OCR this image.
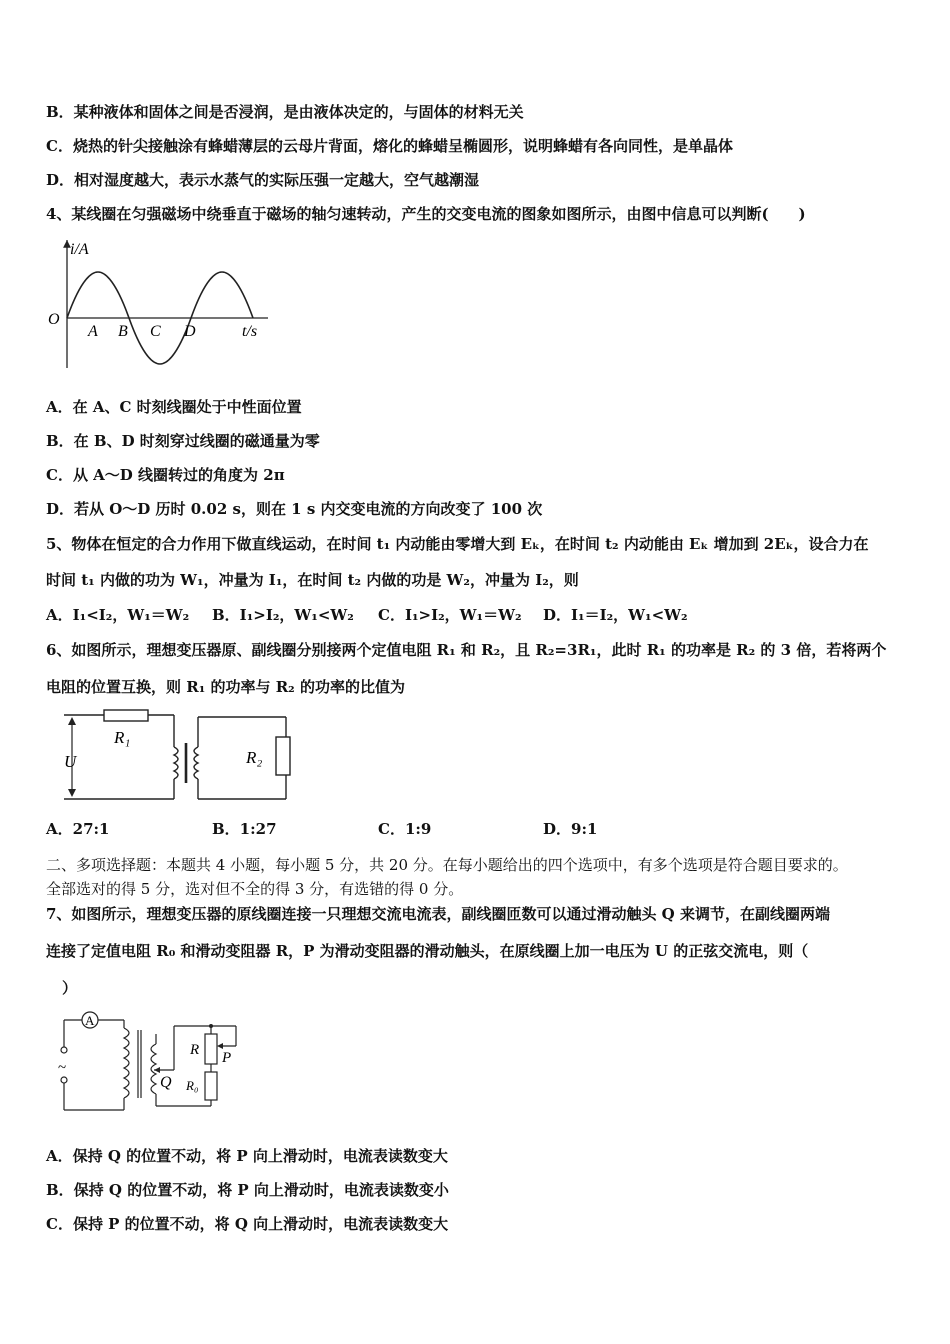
B．某种液体和固体之间是否浸润，是由液体决定的，与固体的材料无关
C．烧热的针尖接触涂有蜂蜡薄层的云母片背面，熔化的蜂蜡呈椭圆形，说明蜂蜡有各向同性，是单晶体
D．相对湿度越大，表示水蒸气的实际压强一定越大，空气越潮湿
4、某线圈在匀强磁场中绕垂直于磁场的轴匀速转动，产生的交变电流的图象如图所示，由图中信息可以判断(　　)
i/A
O
A B C D	t/s
A．在 A、C 时刻线圈处于中性面位置
B．在 B、D 时刻穿过线圈的磁通量为零
C．从 A～D 线圈转过的角度为 2π
D．若从 O～D 历时 0.02 s，则在 1 s 内交变电流的方向改变了 100 次
5、物体在恒定的合力作用下做直线运动，在时间 t₁ 内动能由零增大到 Eₖ，在时间 t₂ 内动能由 Eₖ 增加到 2Eₖ，设合力在
时间 t₁ 内做的功为 W₁，冲量为 I₁，在时间 t₂ 内做的功是 W₂，冲量为 I₂，则
A．I₁<I₂，W₁＝W₂ B．I₁>I₂，W₁<W₂ C．I₁>I₂，W₁＝W₂ D．I₁＝I₂，W₁<W₂
6、如图所示，理想变压器原、副线圈分别接两个定值电阻 R₁ 和 R₂，且 R₂=3R₁，此时 R₁ 的功率是 R₂ 的 3 倍，若将两个
电阻的位置互换，则 R₁ 的功率与 R₂ 的功率的比值为
U
R₁
R₂
A．27:1	B．1:27	C．1:9	D．9:1
二、多项选择题：本题共 4 小题，每小题 5 分，共 20 分。在每小题给出的四个选项中，有多个选项是符合题目要求的。
全部选对的得 5 分，选对但不全的得 3 分，有选错的得 0 分。
7、如图所示，理想变压器的原线圈连接一只理想交流电流表，副线圈匝数可以通过滑动触头 Q 来调节，在副线圈两端
连接了定值电阻 R₀ 和滑动变阻器 R，P 为滑动变阻器的滑动触头，在原线圈上加一电压为 U 的正弦交流电，则（
）
~
A
Q
R
R₀
P
A．保持 Q 的位置不动，将 P 向上滑动时，电流表读数变大
B．保持 Q 的位置不动，将 P 向上滑动时，电流表读数变小
C．保持 P 的位置不动，将 Q 向上滑动时，电流表读数变大
